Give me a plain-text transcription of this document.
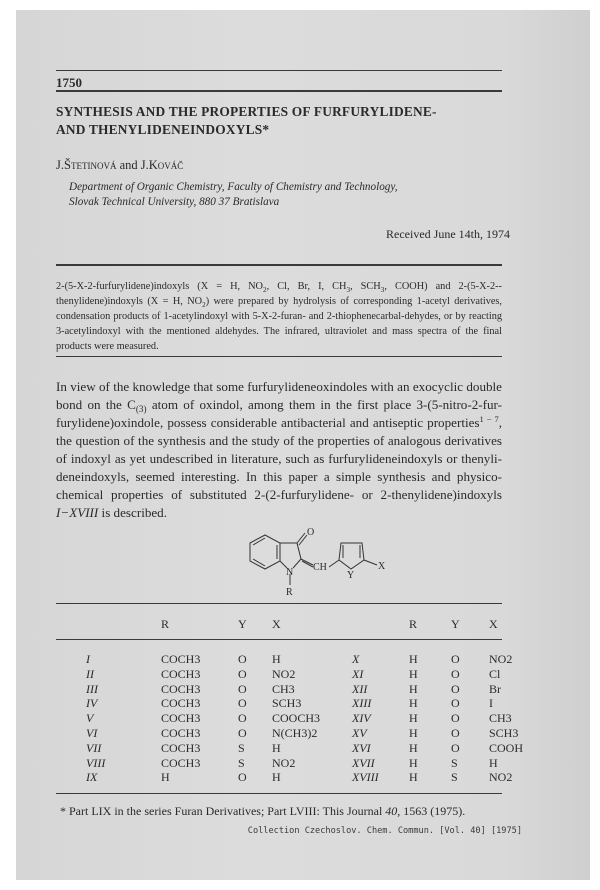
1750
SYNTHESIS AND THE PROPERTIES OF FURFURYLIDENE-
AND THENYLIDENEINDOXYLS*
J.Štetinová and J.Kováč
Department of Organic Chemistry, Faculty of Chemistry and Technology,
Slovak Technical University, 880 37 Bratislava
Received June 14th, 1974
2-(5-X-2-furfurylidene)indoxyls (X = H, $NO_2$, Cl, Br, I, $CH_3$, $SCH_3$, COOH) and 2-(5-X-2--thenylidene)indoxyls (X = H, $NO_2$) were prepared by hydrolysis of corresponding 1-acetyl derivatives, condensation products of 1-acetylindoxyl with 5-X-2-furan- and 2-thiophenecarbal-dehydes, or by reacting 3-acetylindoxyl with the mentioned aldehydes. The infrared, ultraviolet and mass spectra of the final products were measured.
In view of the knowledge that some furfurylideneoxindoles with an exocyclic double bond on the $C_{(3)}$ atom of oxindol, among them in the first place 3-(5-nitro-2-fur-furylidene)oxindole, possess considerable antibacterial and antiseptic properties$^{1 - 7}$, the question of the synthesis and the study of the properties of analogous derivatives of indoxyl as yet undescribed in literature, such as furfurylideneindoxyls or thenyli-deneindoxyls, seemed interesting. In this paper a simple synthesis and physico-chemical properties of substituted 2-(2-furfurylidene- or 2-thenylidene)indoxyls I−XVIII is described.
O
N CH
Y
X
R
	R	Y	X		R	Y	X

I	COCH3	O	H	X	H	O	NO2
II	COCH3	O	NO2	XI	H	O	Cl
III	COCH3	O	CH3	XII	H	O	Br
IV	COCH3	O	SCH3	XIII	H	O	I
V	COCH3	O	COOCH3	XIV	H	O	CH3
VI	COCH3	O	N(CH3)2	XV	H	O	SCH3
VII	COCH3	S	H	XVI	H	O	COOH
VIII	COCH3	S	NO2	XVII	H	S	H
IX	H	O	H	XVIII	H	S	NO2
* Part LIX in the series Furan Derivatives; Part LVIII: This Journal 40, 1563 (1975).
Collection Czechoslov. Chem. Commun. [Vol. 40] [1975]
